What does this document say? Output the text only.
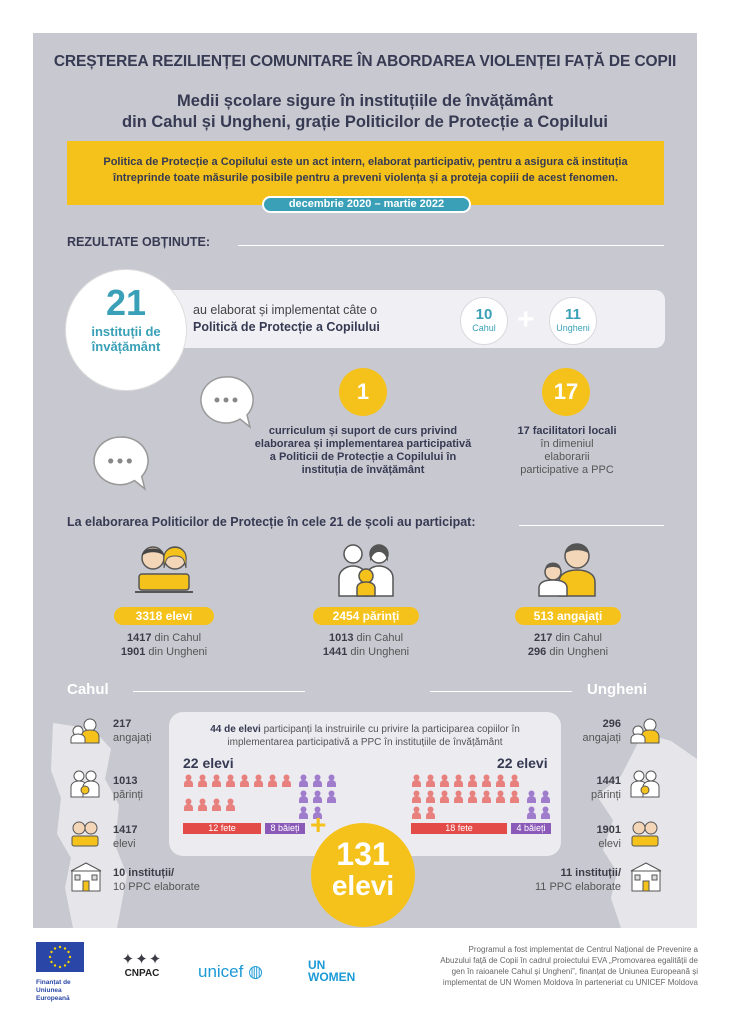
CREȘTEREA REZILIENȚEI COMUNITARE ÎN ABORDAREA VIOLENȚEI FAȚĂ DE COPII
Medii școlare sigure în instituțiile de învățământ
din Cahul și Ungheni, grație Politicilor de Protecție a Copilului
Politica de Protecție a Copilului este un act intern, elaborat participativ, pentru a asigura că instituția
întreprinde toate măsurile posibile pentru a preveni violența și a proteja copiii de acest fenomen.
decembrie 2020 – martie 2022
REZULTATE OBȚINUTE:
21
instituții de
învățământ
au elaborat și implementat câte o
Politică de Protecție a Copilului
10
Cahul +	11
Ungheni
1
curriculum și suport de curs privind
elaborarea și implementarea participativă
a Politicii de Protecție a Copilului în
instituția de învățământ
17
17 facilitatori locali
în dimeniul
elaborarii
participative a PPC
La elaborarea Politicilor de Protecție în cele 21 de școli au participat:
3318 elevi
1417 din Cahul
1901 din Ungheni
2454 părinți
1013 din Cahul
1441 din Ungheni
513 angajați
217 din Cahul
296 din Ungheni
Cahul	Ungheni
217
angajați
1013
părinți
1417
elevi
10 instituții/
10 PPC elaborate
296
angajați
1441
părinți
1901
elevi
11 instituții/
11 PPC elaborate
44 de elevi participanți la instruirile cu privire la participarea copiilor în
implementarea participativă a PPC în instituțiile de învățământ
22 elevi
12 fete	8 băieți
22 elevi
18 fete	4 băieți
+
131
elevi
Finanțat de Uniunea Europeană
✦✦✦
CNPAC unicef ◍	UN
WOMEN
Programul a fost implementat de Centrul Național de Prevenire a
Abuzului față de Copii în cadrul proiectului EVA „Promovarea egalității de
gen în raioanele Cahul și Ungheni”, finanțat de Uniunea Europeană și
implementat de UN Women Moldova în parteneriat cu UNICEF Moldova
